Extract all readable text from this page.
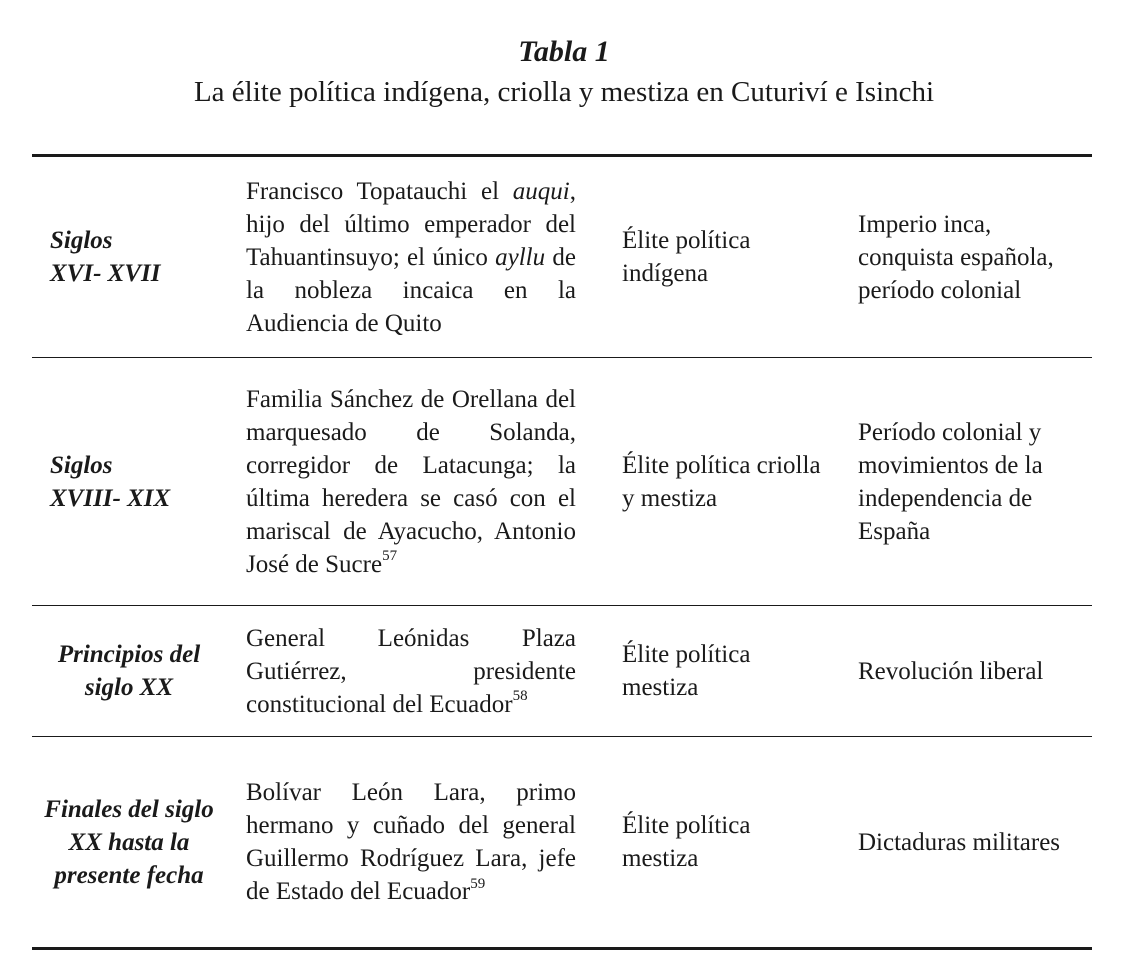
Tabla 1
La élite política indígena, criolla y mestiza en Cuturiví e Isinchi
Siglos
XVI- XVII
Francisco Topatauchi el auqui, hijo del último emperador del Tahuantinsuyo; el único ayllu de la nobleza incaica en la Audiencia de Quito
Élite política indígena
Imperio inca, conquista española, período colonial
Siglos
XVIII- XIX
Familia Sánchez de Orellana del marquesado de Solanda, corregidor de Latacunga; la última heredera se casó con el mariscal de Ayacucho, Antonio José de Sucre$^{57}$
Élite política criolla y mestiza
Período colonial y movimientos de la independencia de España
Principios del siglo XX
General Leónidas Plaza Gutiérrez, presidente constitucional del Ecuador$^{58}$
Élite política mestiza
Revolución liberal
Finales del siglo XX hasta la presente fecha
Bolívar León Lara, primo hermano y cuñado del general Guillermo Rodríguez Lara, jefe de Estado del Ecuador$^{59}$
Élite política mestiza
Dictaduras militares
